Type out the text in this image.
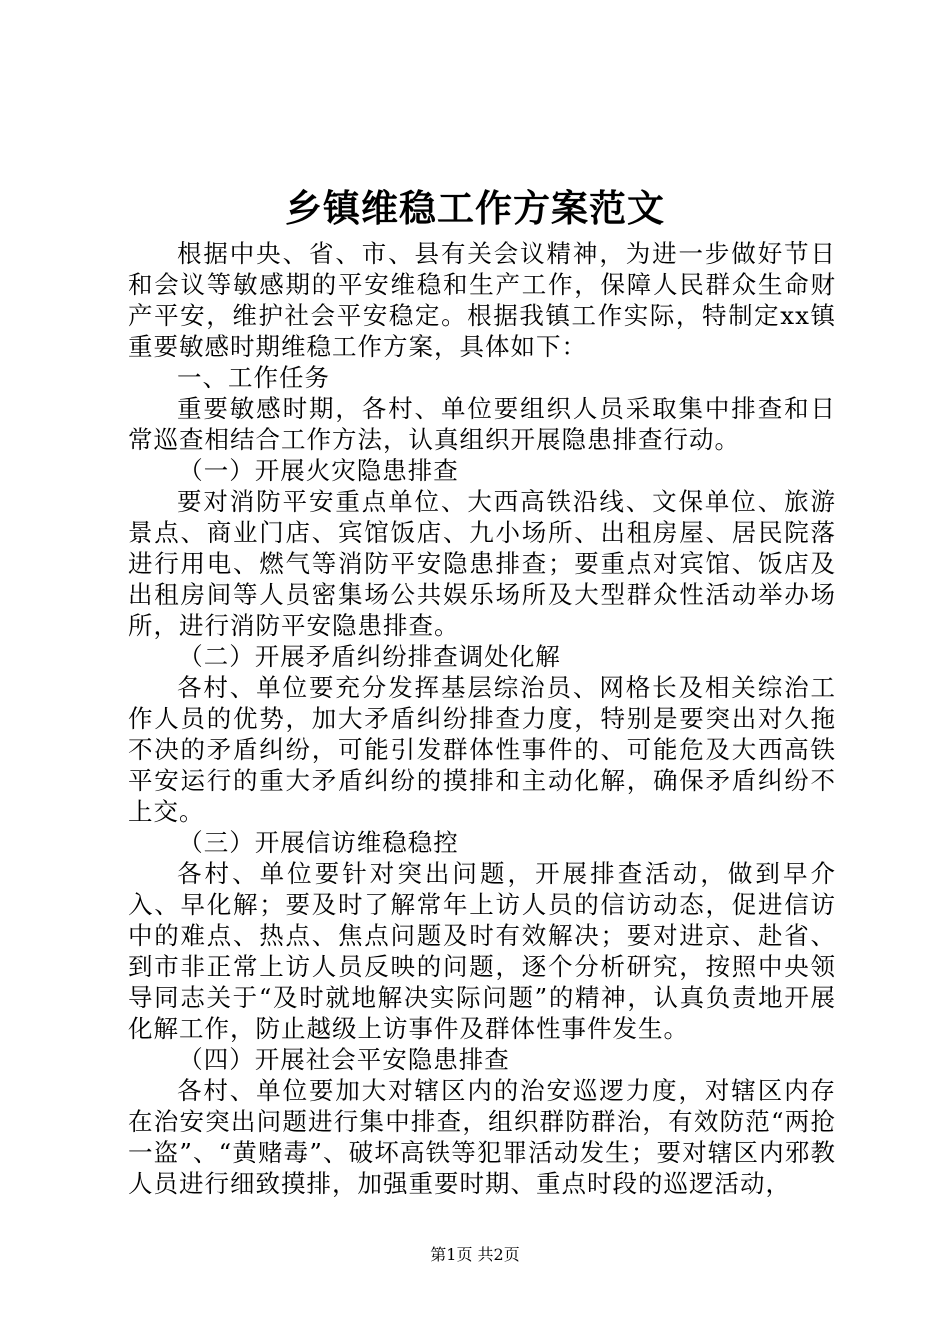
乡镇维稳工作方案范文

根据中央、省、市、县有关会议精神，为进一步做好节日和会议等敏感期的平安维稳和生产工作，保障人民群众生命财产平安，维护社会平安稳定。根据我镇工作实际，特制定xx镇重要敏感时期维稳工作方案，具体如下：

一、工作任务

重要敏感时期，各村、单位要组织人员采取集中排查和日常巡查相结合工作方法，认真组织开展隐患排查行动。

（一）开展火灾隐患排查

要对消防平安重点单位、大西高铁沿线、文保单位、旅游景点、商业门店、宾馆饭店、九小场所、出租房屋、居民院落进行用电、燃气等消防平安隐患排查；要重点对宾馆、饭店及出租房间等人员密集场公共娱乐场所及大型群众性活动举办场所，进行消防平安隐患排查。

（二）开展矛盾纠纷排查调处化解

各村、单位要充分发挥基层综治员、网格长及相关综治工作人员的优势，加大矛盾纠纷排查力度，特别是要突出对久拖不决的矛盾纠纷，可能引发群体性事件的、可能危及大西高铁平安运行的重大矛盾纠纷的摸排和主动化解，确保矛盾纠纷不上交。

（三）开展信访维稳稳控

各村、单位要针对突出问题，开展排查活动，做到早介入、早化解；要及时了解常年上访人员的信访动态，促进信访中的难点、热点、焦点问题及时有效解决；要对进京、赴省、到市非正常上访人员反映的问题，逐个分析研究，按照中央领导同志关于“及时就地解决实际问题”的精神，认真负责地开展化解工作，防止越级上访事件及群体性事件发生。

（四）开展社会平安隐患排查

各村、单位要加大对辖区内的治安巡逻力度，对辖区内存在治安突出问题进行集中排查，组织群防群治，有效防范“两抢一盗”、“黄赌毒”、破坏高铁等犯罪活动发生；要对辖区内邪教人员进行细致摸排，加强重要时期、重点时段的巡逻活动，

第1页 共2页
